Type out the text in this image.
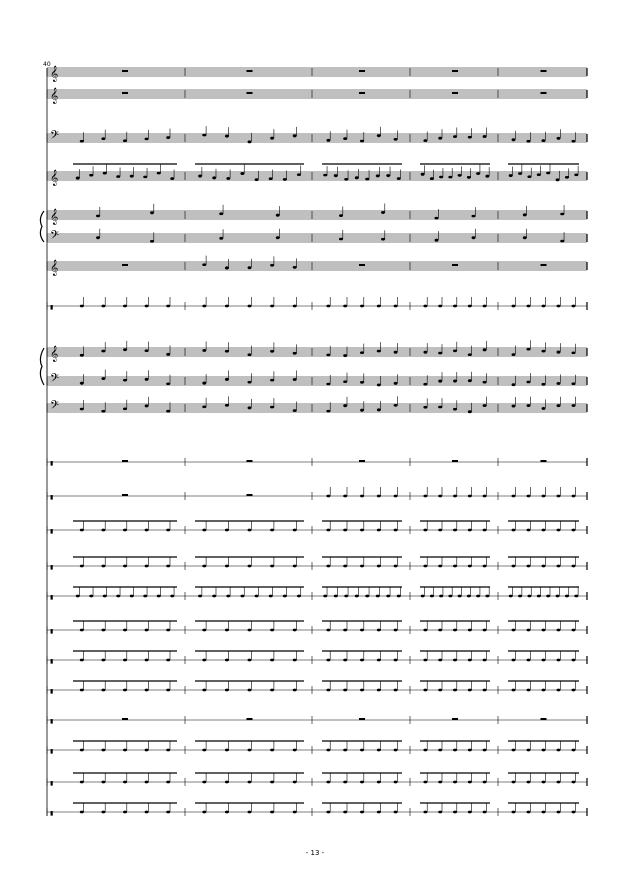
𝄞
𝄞
𝄢
𝄞
𝄞
𝄢
𝄞
▮
𝄞
𝄢
𝄢
▮
▮
▮
▮
▮
▮
▮
▮
▮
▮
▮
▮
40
- 13 -
